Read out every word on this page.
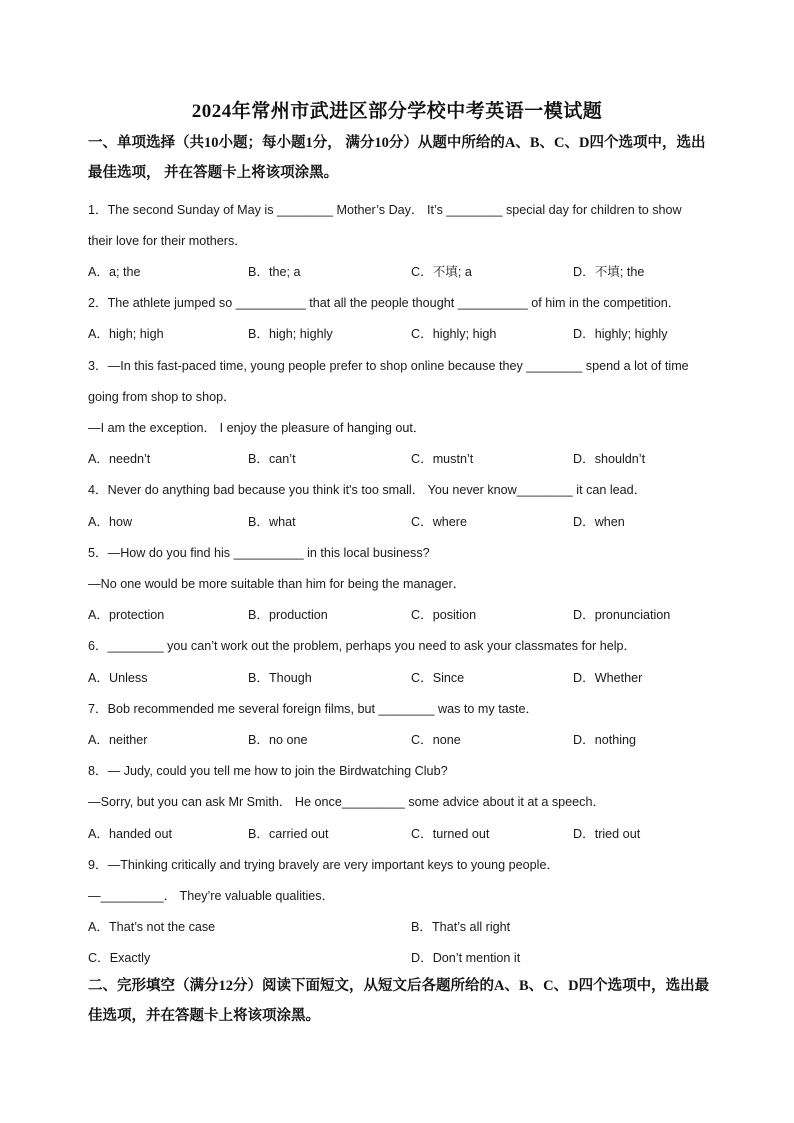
2024年常州市武进区部分学校中考英语一模试题
一、单项选择（共10小题；每小题1分， 满分10分）从题中所给的A、B、C、D四个选项中，选出最佳选项， 并在答题卡上将该项涂黑。
1．The second Sunday of May is ________ Mother’s Day． It’s ________ special day for children to show
their love for their mothers．
A．a; the	B．the; a	C．不填; a	D．不填; the
2．The athlete jumped so __________ that all the people thought __________ of him in the competition．
A．high; high	B．high; highly	C．highly; high	D．highly; highly
3．—In this fast-paced time, young people prefer to shop online because they ________ spend a lot of time
going from shop to shop．
—I am the exception． I enjoy the pleasure of hanging out．
A．needn’t	B．can’t	C．mustn’t	D．shouldn’t
4．Never do anything bad because you think it's too small． You never know________ it can lead．
A．how	B．what	C．where	D．when
5．—How do you find his __________ in this local business?
—No one would be more suitable than him for being the manager．
A．protection	B．production	C．position	D．pronunciation
6．________ you can’t work out the problem, perhaps you need to ask your classmates for help．
A．Unless	B．Though	C．Since	D．Whether
7．Bob recommended me several foreign films, but ________ was to my taste．
A．neither	B．no one	C．none	D．nothing
8．— Judy, could you tell me how to join the Birdwatching Club?
—Sorry, but you can ask Mr Smith． He once_________ some advice about it at a speech．
A．handed out	B．carried out	C．turned out	D．tried out
9．—Thinking critically and trying bravely are very important keys to young people．
—_________． They’re valuable qualities．
A．That’s not the case	B．That’s all right
C．Exactly	D．Don’t mention it
二、完形填空（满分12分）阅读下面短文，从短文后各题所给的A、B、C、D四个选项中，选出最佳选项，并在答题卡上将该项涂黑。
